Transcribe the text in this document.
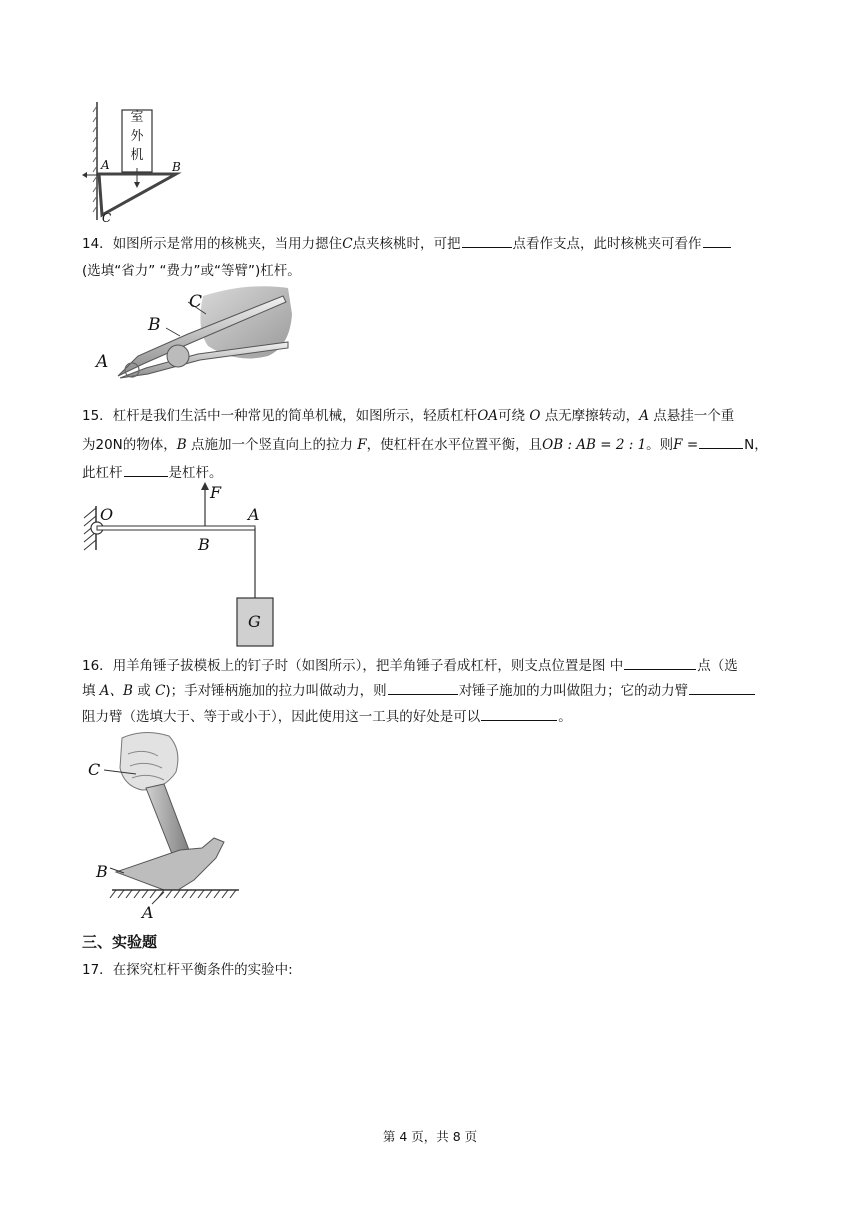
室
外
机
A	B
C
14．如图所示是常用的核桃夹，当用力摁住C点夹核桃时，可把	点看作支点，此时核桃夹可看作
(选填“省力” “费力”或“等臂”)杠杆。
C
B
A
15．杠杆是我们生活中一种常见的简单机械，如图所示，轻质杠杆OA可绕 O 点无摩擦转动，A 点悬挂一个重
为20N的物体，B 点施加一个竖直向上的拉力 F，使杠杆在水平位置平衡，且OB : AB = 2 : 1。则F =	N，
此杠杆	是杠杆。
O
F
A
B
G
16．用羊角锤子拔模板上的钉子时（如图所示），把羊角锤子看成杠杆，则支点位置是图 中	点（选
填 A、B 或 C)；手对锤柄施加的拉力叫做动力，则	对锤子施加的力叫做阻力；它的动力臂
阻力臂（选填大于、等于或小于），因此使用这一工具的好处是可以	。
C
B
A
三、实验题
17．在探究杠杆平衡条件的实验中:
第 4 页，共 8 页
